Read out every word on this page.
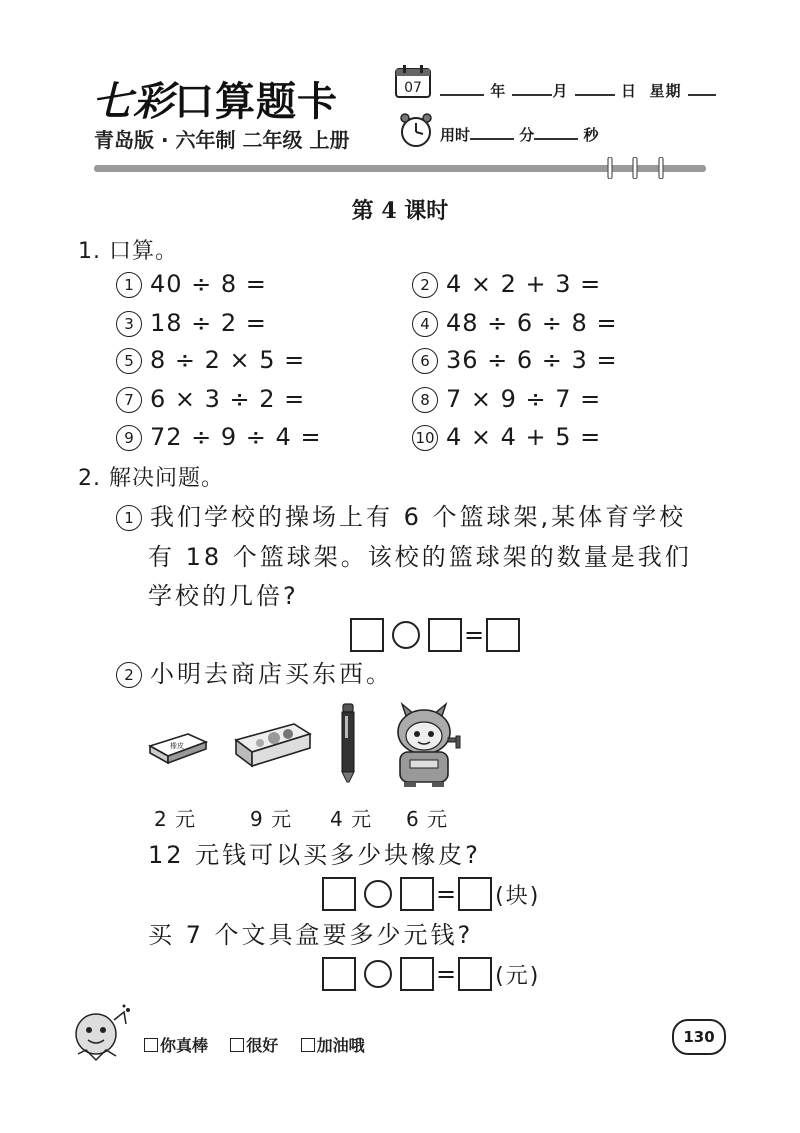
七彩口算题卡
青岛版 · 六年制 二年级 上册
07	年	月	日 星期
用时	分	秒
第 4 课时
1. 口算。
1 40 ÷ 8 =	2 4 × 2 + 3 =
3 18 ÷ 2 =	4 48 ÷ 6 ÷ 8 =
5 8 ÷ 2 × 5 =	6 36 ÷ 6 ÷ 3 =
7 6 × 3 ÷ 2 =	8 7 × 9 ÷ 7 =
9 72 ÷ 9 ÷ 4 =	10 4 × 4 + 5 =
2. 解决问题。
1 我们学校的操场上有 6 个篮球架,某体育学校
有 18 个篮球架。该校的篮球架的数量是我们
学校的几倍?
=
2 小明去商店买东西。
橡皮
2 元	9 元 4 元 6 元
12 元钱可以买多少块橡皮?
= (块)
买 7 个文具盒要多少元钱?
= (元)
你真棒 很好 加油哦	130
